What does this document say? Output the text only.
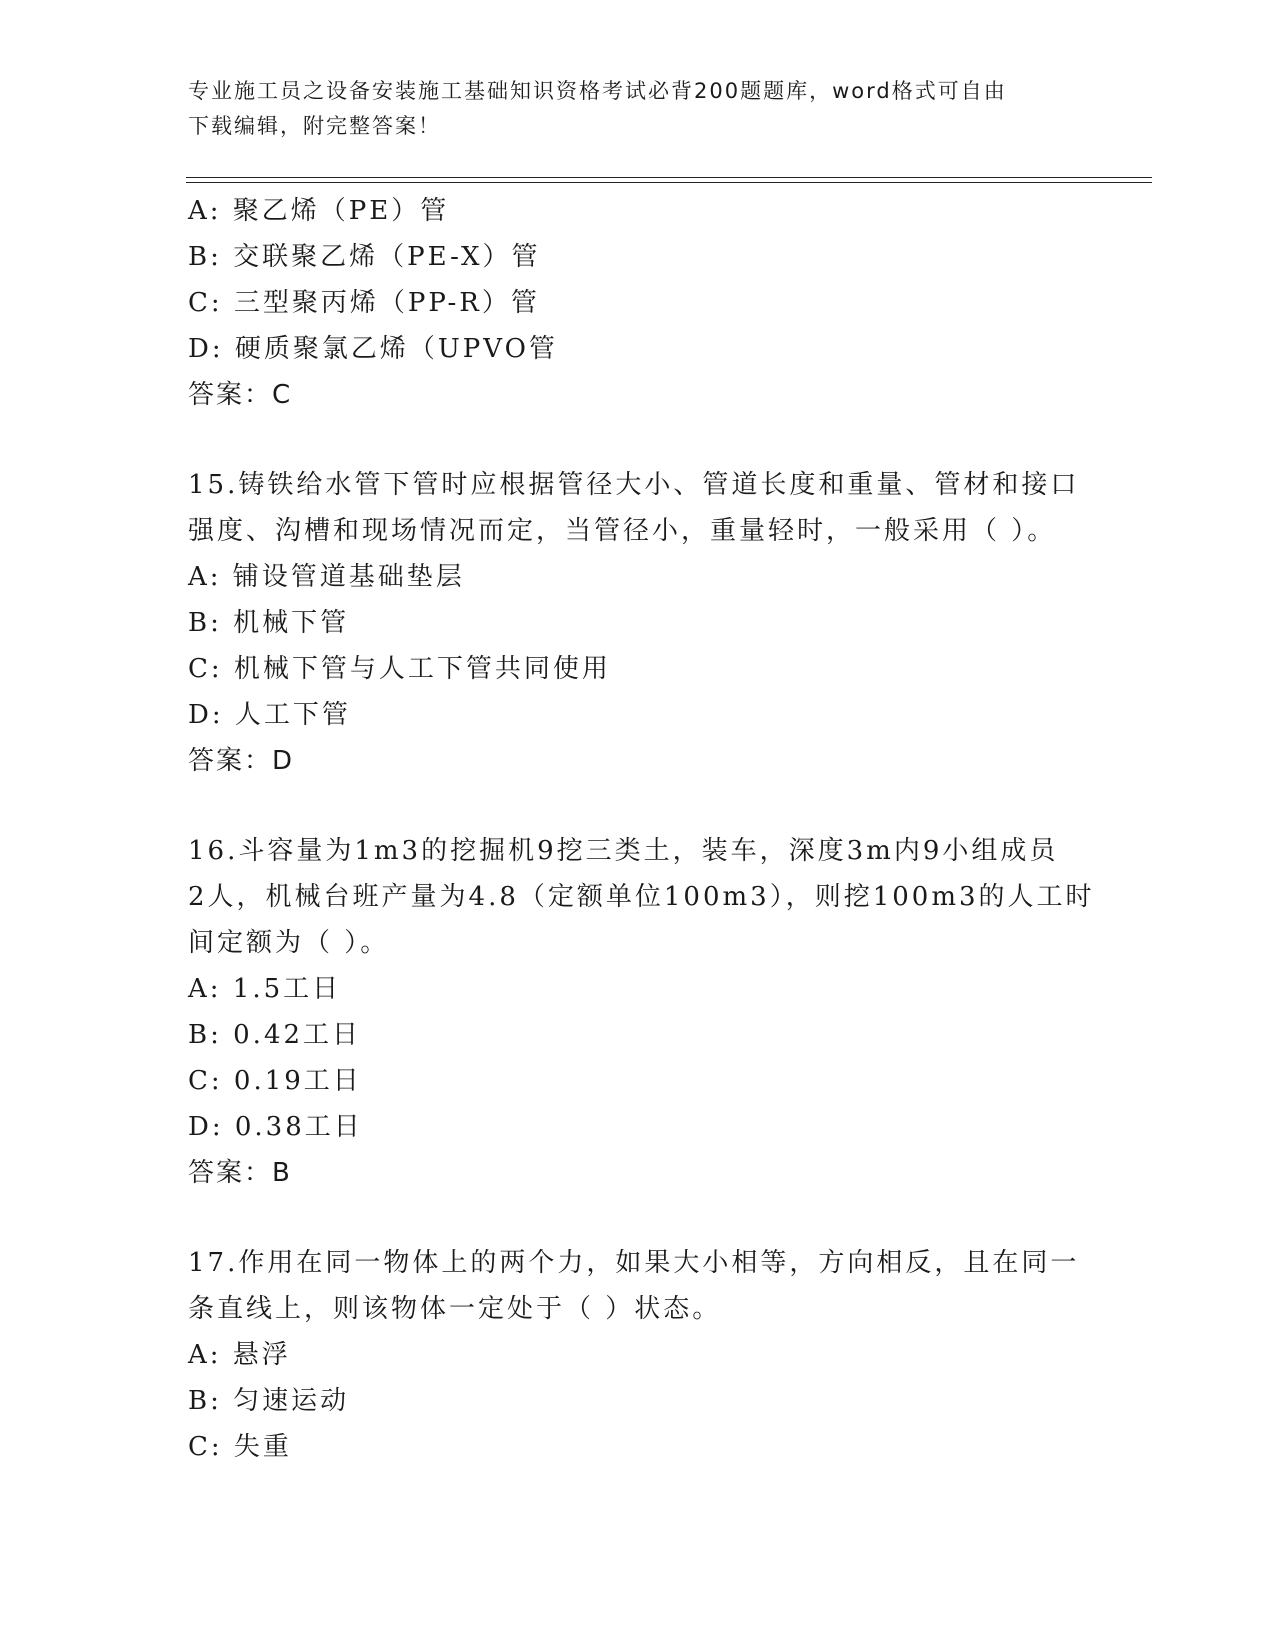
专业施工员之设备安装施工基础知识资格考试必背200题题库，word格式可自由
下载编辑，附完整答案！
A: 聚乙烯（PE）管
B: 交联聚乙烯（PE-X）管
C: 三型聚丙烯（PP-R）管
D: 硬质聚氯乙烯（UPVO管
答案：C
15.铸铁给水管下管时应根据管径大小、管道长度和重量、管材和接口
强度、沟槽和现场情况而定，当管径小，重量轻时，一般采用（ ）。
A: 铺设管道基础垫层
B: 机械下管
C: 机械下管与人工下管共同使用
D: 人工下管
答案：D
16.斗容量为1m3的挖掘机9挖三类土，装车，深度3m内9小组成员
2人，机械台班产量为4.8（定额单位100m3），则挖100m3的人工时
间定额为（ ）。
A: 1.5工日
B: 0.42工日
C: 0.19工日
D: 0.38工日
答案：B
17.作用在同一物体上的两个力，如果大小相等，方向相反，且在同一
条直线上，则该物体一定处于（ ）状态。
A: 悬浮
B: 匀速运动
C: 失重
